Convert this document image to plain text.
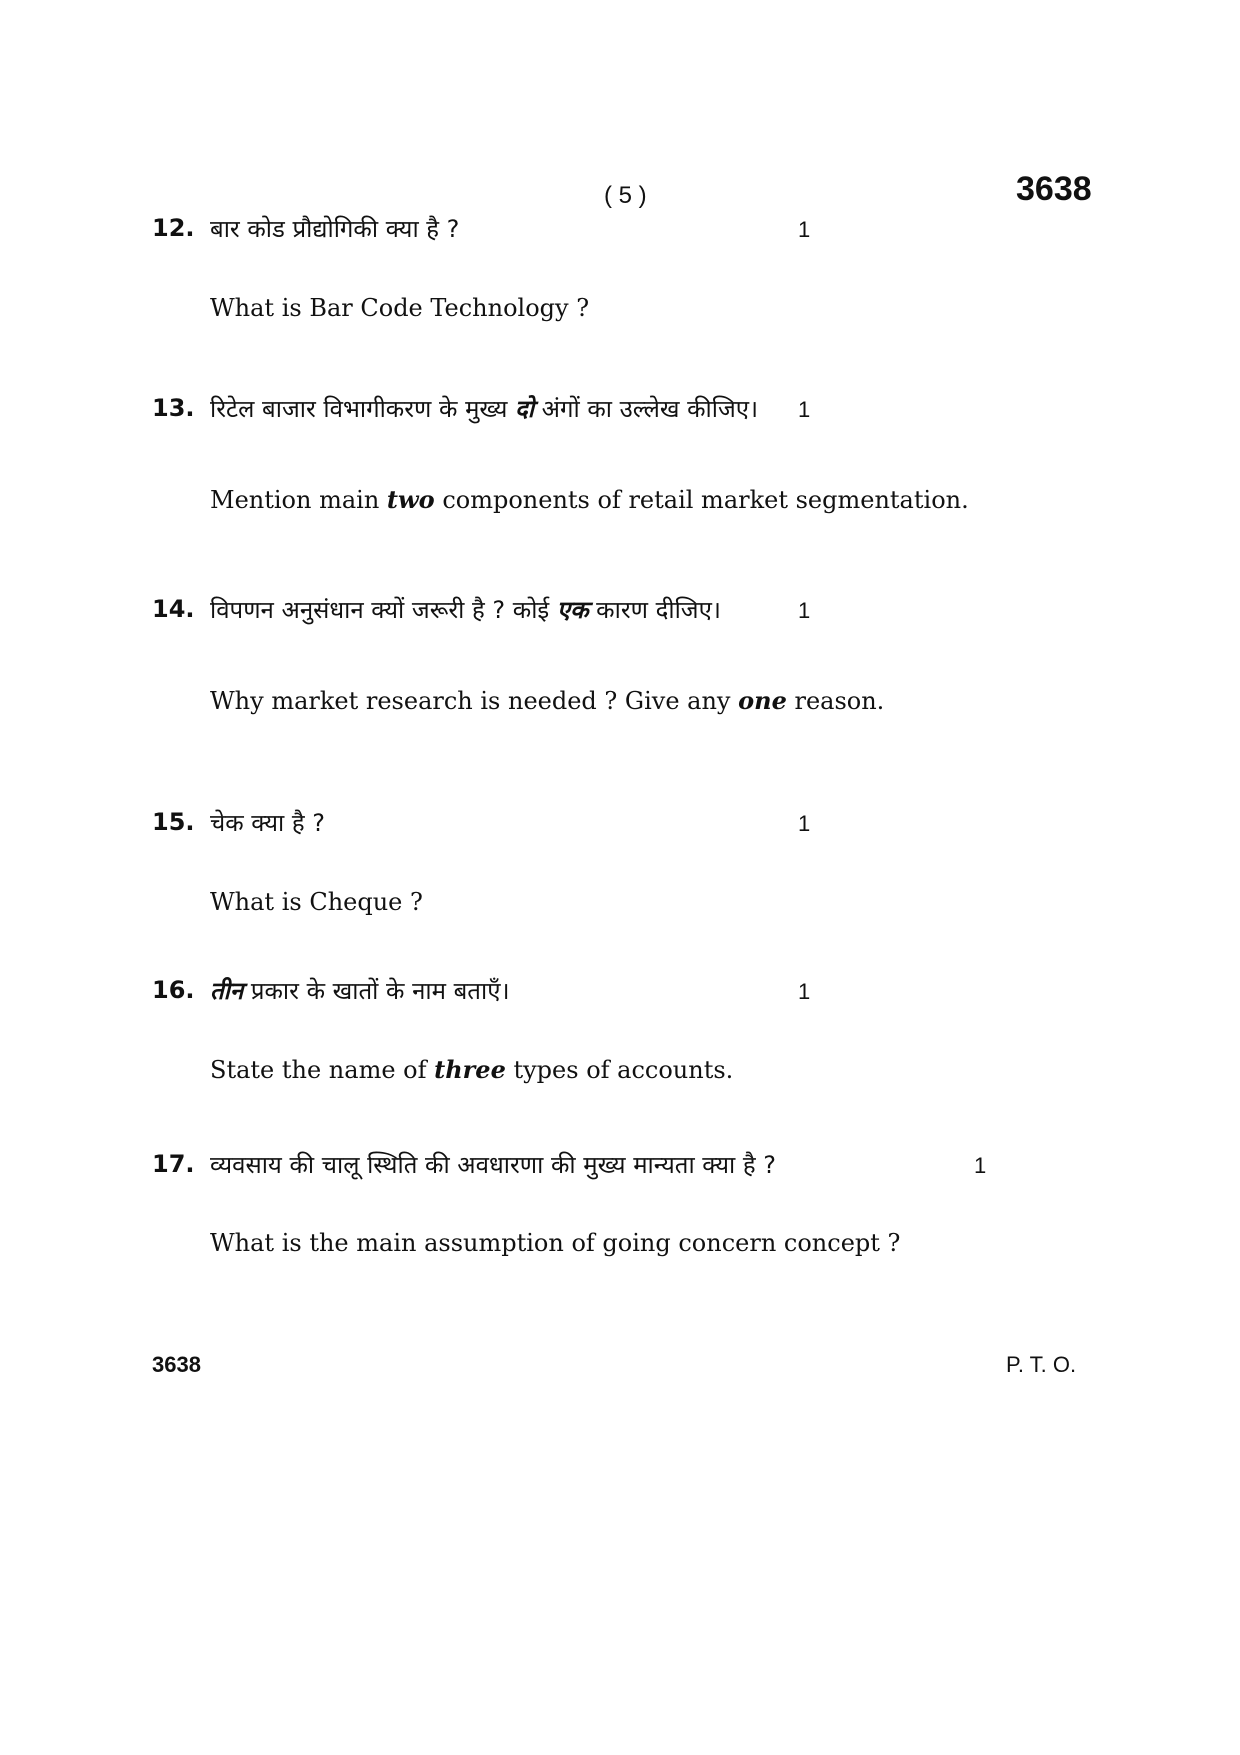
( 5 )	3638
12. बार कोड प्रौद्योगिकी क्या है ?	1
What is Bar Code Technology ?
13. रिटेल बाजार विभागीकरण के मुख्य दो अंगों का उल्लेख कीजिए। 1
Mention main two components of retail market segmentation.
14. विपणन अनुसंधान क्यों जरूरी है ? कोई एक कारण दीजिए।	1
Why market research is needed ? Give any one reason.
15. चेक क्या है ?	1
What is Cheque ?
16. तीन प्रकार के खातों के नाम बताएँ।	1
State the name of three types of accounts.
17. व्यवसाय की चालू स्थिति की अवधारणा की मुख्य मान्यता क्या है ?	1
What is the main assumption of going concern concept ?
3638	P. T. O.
